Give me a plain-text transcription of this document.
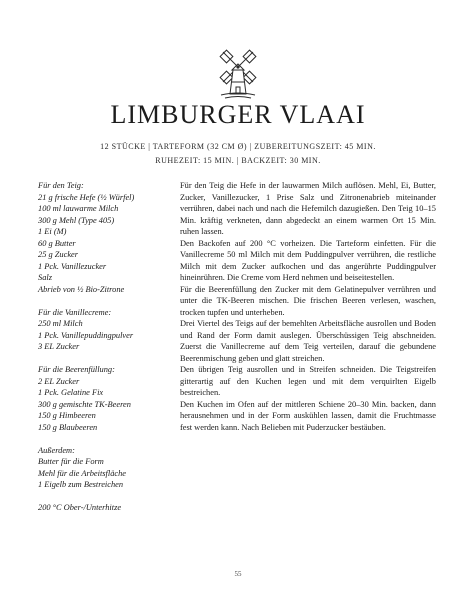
LIMBURGER VLAAI
12 STÜCKE | TARTEFORM (32 CM Ø) | ZUBEREITUNGSZEIT: 45 MIN.
RUHEZEIT: 15 MIN. | BACKZEIT: 30 MIN.
Für den Teig:
21 g frische Hefe (½ Würfel)
100 ml lauwarme Milch
300 g Mehl (Type 405)
1 Ei (M)
60 g Butter
25 g Zucker
1 Pck. Vanillezucker
Salz
Abrieb von ½ Bio-Zitrone
Für die Vanillecreme:
250 ml Milch
1 Pck. Vanillepuddingpulver
3 EL Zucker
Für die Beerenfüllung:
2 EL Zucker
1 Pck. Gelatine Fix
300 g gemischte TK-Beeren
150 g Himbeeren
150 g Blaubeeren
Außerdem:
Butter für die Form
Mehl für die Arbeitsfläche
1 Eigelb zum Bestreichen
200 °C Ober-/Unterhitze

Für den Teig die Hefe in der lauwarmen Milch auflösen. Mehl, Ei, Butter, Zucker, Vanillezucker, 1 Prise Salz und Zitronenabrieb miteinander verrühren, dabei nach und nach die Hefemilch dazugießen. Den Teig 10–15 Min. kräftig verkneten, dann abgedeckt an einem warmen Ort 15 Min. ruhen lassen.

Den Backofen auf 200 °C vorheizen. Die Tarteform einfetten. Für die Vanillecreme 50 ml Milch mit dem Puddingpulver verrühren, die restliche Milch mit dem Zucker aufkochen und das angerührte Puddingpulver hineinrühren. Die Creme vom Herd nehmen und beiseitestellen.

Für die Beerenfüllung den Zucker mit dem Gelatinepulver verrühren und unter die TK-Beeren mischen. Die frischen Beeren verlesen, waschen, trocken tupfen und unterheben.

Drei Viertel des Teigs auf der bemehlten Arbeitsfläche ausrollen und Boden und Rand der Form damit auslegen. Überschüssigen Teig abschneiden. Zuerst die Vanillecreme auf dem Teig verteilen, darauf die gebundene Beerenmischung geben und glatt streichen.

Den übrigen Teig ausrollen und in Streifen schneiden. Die Teigstreifen gitterartig auf den Kuchen legen und mit dem verquirlten Eigelb bestreichen.

Den Kuchen im Ofen auf der mittleren Schiene 20–30 Min. backen, dann herausnehmen und in der Form auskühlen lassen, damit die Fruchtmasse fest werden kann. Nach Belieben mit Puderzucker bestäuben.

55
